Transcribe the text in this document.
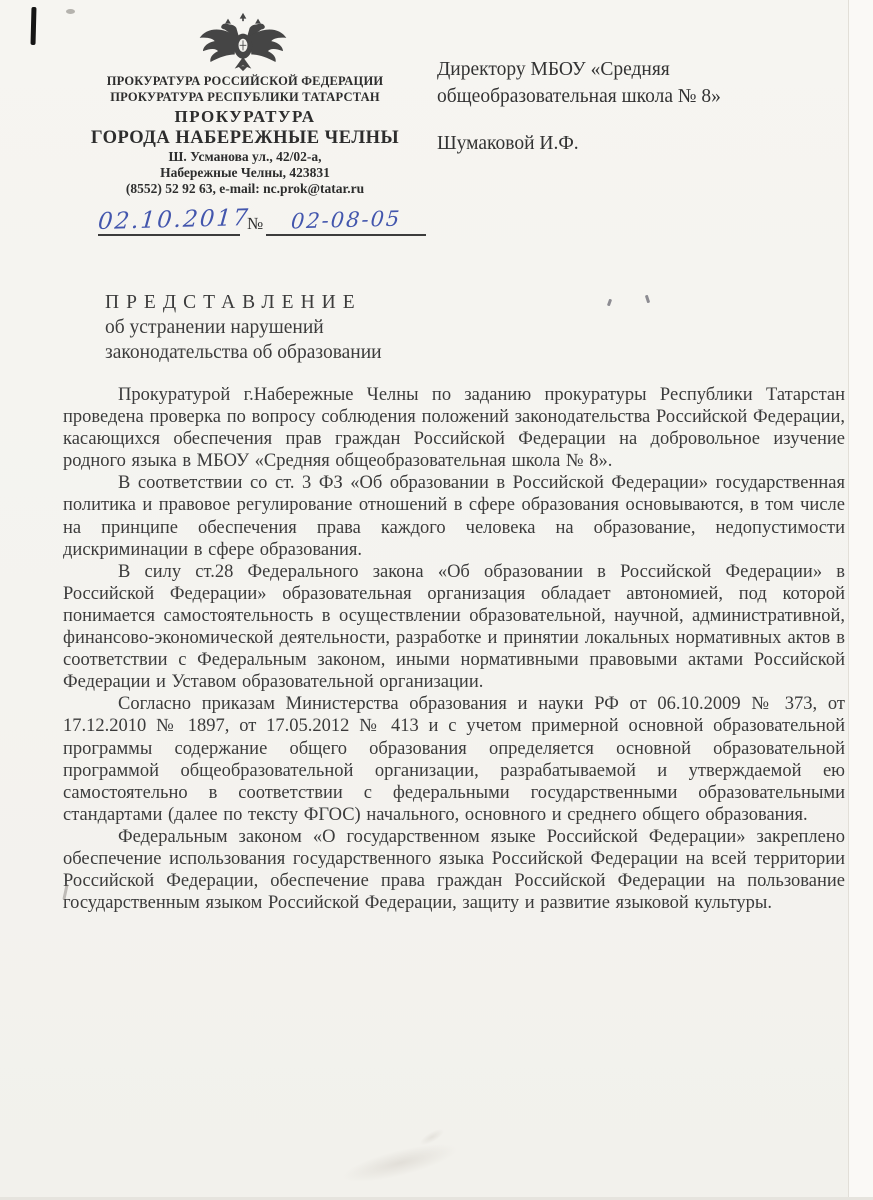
ПРОКУРАТУРА РОССИЙСКОЙ ФЕДЕРАЦИИ
ПРОКУРАТУРА РЕСПУБЛИКИ ТАТАРСТАН
ПРОКУРАТУРА
ГОРОДА НАБЕРЕЖНЫЕ ЧЕЛНЫ
Ш. Усманова ул., 42/02-а,
Набережные Челны, 423831
(8552) 52 92 63, e-mail: nc.prok@tatar.ru
02.10.2017
№	02-08-05
Директору МБОУ «Средняя
общеобразовательная школа № 8»
Шумаковой И.Ф.
ПРЕДСТАВЛЕНИЕ
об устранении нарушений
законодательства об образовании

Прокуратурой г.Набережные Челны по заданию прокуратуры Республики Татарстан проведена проверка по вопросу соблюдения положений законодательства Российской Федерации, касающихся обеспечения прав граждан Российской Федерации на добровольное изучение родного языка в МБОУ «Средняя общеобразовательная школа № 8».

В соответствии со ст. 3 ФЗ «Об образовании в Российской Федерации» государственная политика и правовое регулирование отношений в сфере образования основываются, в том числе на принципе обеспечения права каждого человека на образование, недопустимости дискриминации в сфере образования.

В силу ст.28 Федерального закона «Об образовании в Российской Федерации» в Российской Федерации» образовательная организация обладает автономией, под которой понимается самостоятельность в осуществлении образовательной, научной, административной, финансово-экономической деятельности, разработке и принятии локальных нормативных актов в соответствии с Федеральным законом, иными нормативными правовыми актами Российской Федерации и Уставом образовательной организации.

Согласно приказам Министерства образования и науки РФ от 06.10.2009 № 373, от 17.12.2010 № 1897, от 17.05.2012 № 413 и с учетом примерной основной образовательной программы содержание общего образования определяется основной образовательной программой общеобразовательной организации, разрабатываемой и утверждаемой ею самостоятельно в соответствии с федеральными государственными образовательными стандартами (далее по тексту ФГОС) начального, основного и среднего общего образования.

Федеральным законом «О государственном языке Российской Федерации» закреплено обеспечение использования государственного языка Российской Федерации на всей территории Российской Федерации, обеспечение права граждан Российской Федерации на пользование государственным языком Российской Федерации, защиту и развитие языковой культуры.
